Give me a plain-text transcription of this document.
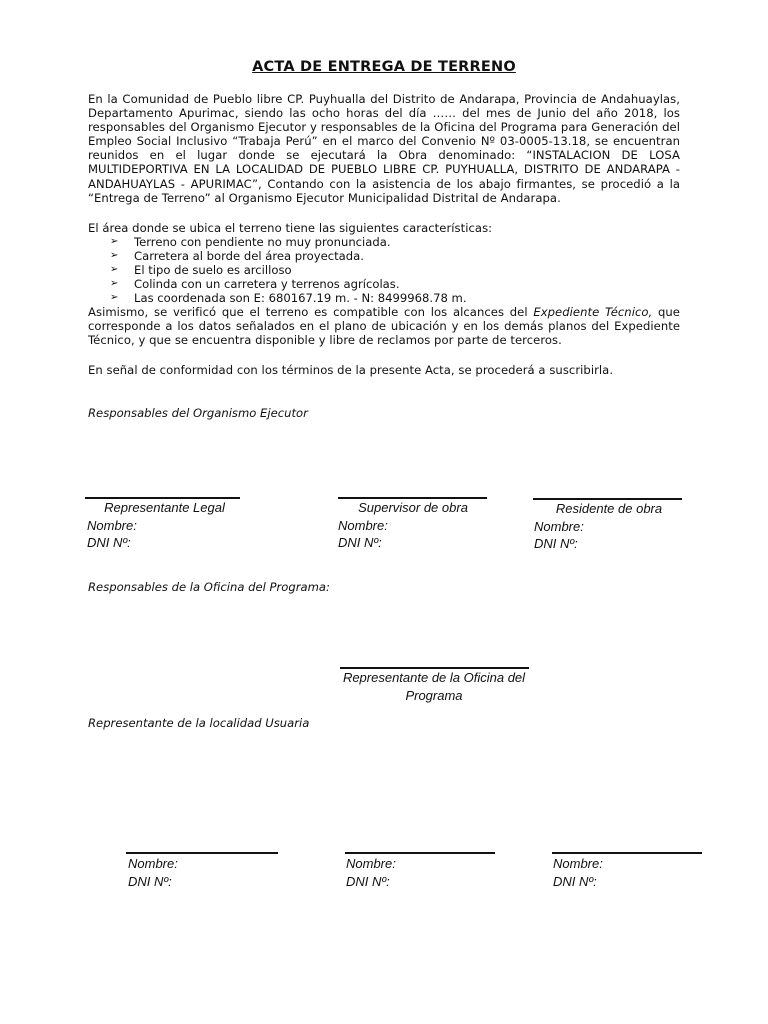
ACTA DE ENTREGA DE TERRENO
En la Comunidad de Pueblo libre CP. Puyhualla del Distrito de Andarapa, Provincia de Andahuaylas, Departamento Apurimac, siendo las ocho horas del día …… del mes de Junio del año 2018, los responsables del Organismo Ejecutor y responsables de la Oficina del Programa para Generación del Empleo Social Inclusivo “Trabaja Perú” en el marco del Convenio Nº 03-0005-13.18, se encuentran reunidos en el lugar donde se ejecutará la Obra denominado: “INSTALACION DE LOSA MULTIDEPORTIVA EN LA LOCALIDAD DE PUEBLO LIBRE CP. PUYHUALLA, DISTRITO DE ANDARAPA - ANDAHUAYLAS - APURIMAC”, Contando con la asistencia de los abajo firmantes, se procedió a la “Entrega de Terreno” al Organismo Ejecutor Municipalidad Distrital de Andarapa.
El área donde se ubica el terreno tiene las siguientes características:
➢ Terreno con pendiente no muy pronunciada.
➢ Carretera al borde del área proyectada.
➢ El tipo de suelo es arcilloso
➢ Colinda con un carretera y terrenos agrícolas.
➢ Las coordenada son E: 680167.19 m. - N: 8499968.78 m.
Asimismo, se verificó que el terreno es compatible con los alcances del Expediente Técnico, que corresponde a los datos señalados en el plano de ubicación y en los demás planos del Expediente Técnico, y que se encuentra disponible y libre de reclamos por parte de terceros.
En señal de conformidad con los términos de la presente Acta, se procederá a suscribirla.
Responsables del Organismo Ejecutor
Representante Legal
Nombre:
DNI Nº:
Supervisor de obra
Nombre:
DNI Nº:
Residente de obra
Nombre:
DNI Nº:
Responsables de la Oficina del Programa:
Representante de la Oficina del
Programa
Representante de la localidad Usuaria
Nombre:
DNI Nº:
Nombre:
DNI Nº:
Nombre:
DNI Nº:
